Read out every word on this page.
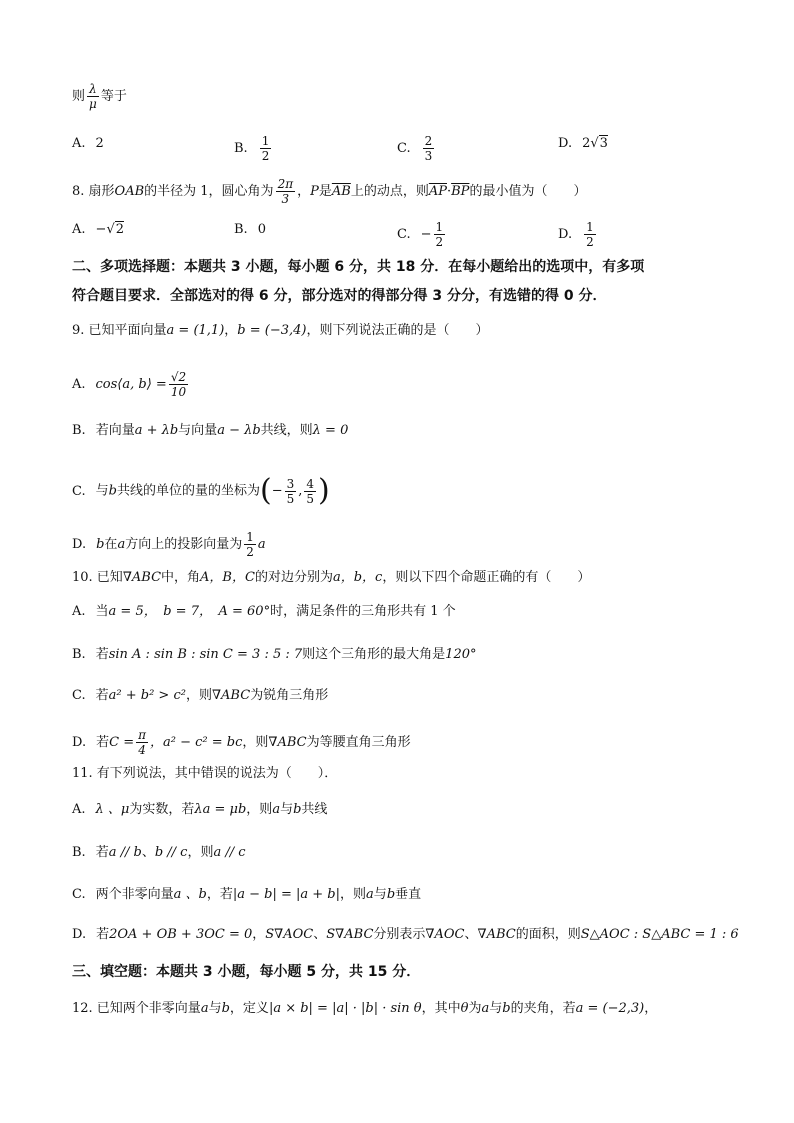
则 $\frac{\lambda}{\mu}$ 等于
A. 2	B. $\frac{1}{2}$	C. $\frac{2}{3}$	D. 2√3
8. 扇形OAB的半径为 1，圆心角为 $\frac{2\pi}{3}$ ，P是$\overline{AB}$上的动点，则$\overline{AP}\cdot\overline{BP}$的最小值为（　　）
A. −√2	B. 0	C. − $\frac{1}{2}$	D. $\frac{1}{2}$
二、多项选择题：本题共 3 小题，每小题 6 分，共 18 分．在每小题给出的选项中，有多项
符合题目要求．全部选对的得 6 分，部分选对的得部分得 3 分分，有选错的得 0 分．
9. 已知平面向量a = (1,1)，b = (−3,4)，则下列说法正确的是（　　）
A. cos⟨a, b⟩ = $\frac{√2}{10}$
B. 若向量a + λb与向量a − λb共线，则λ = 0
C. 与b共线的单位的量的坐标为(− $\frac{3}{5}$ , $\frac{4}{5}$ )
D. b在a方向上的投影向量为 $\frac{1}{2}$ a
10. 已知∇ABC中，角A，B，C的对边分别为a，b，c，则以下四个命题正确的有（　　）
A. 当a = 5，　b = 7，　A = 60°时，满足条件的三角形共有 1 个
B. 若sin A : sin B : sin C = 3 : 5 : 7则这个三角形的最大角是120°
C. 若a² + b² > c²，则∇ABC为锐角三角形
D. 若$C = \frac{\pi}{4}$ ，a² − c² = bc，则∇ABC为等腰直角三角形
11. 有下列说法，其中错误的说法为（　　）．
A. λ 、μ为实数，若λa = μb，则a与b共线
B. 若a // b、b // c，则a // c
C. 两个非零向量a 、b，若|a − b| = |a + b|，则a与b垂直
D. 若2OA + OB + 3OC = 0，S∇AOC、S∇ABC分别表示∇AOC、∇ABC的面积，则S△AOC : S△ABC = 1 : 6
三、填空题：本题共 3 小题，每小题 5 分，共 15 分．
12. 已知两个非零向量a与b，定义|a × b| = |a| · |b| · sin θ，其中θ为a与b的夹角，若a = (−2,3)，
